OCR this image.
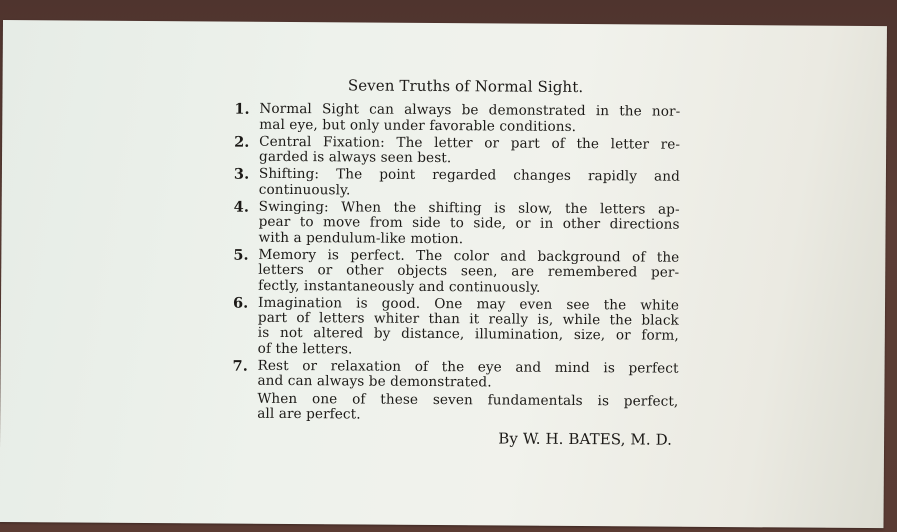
Seven Truths of Normal Sight.
1. Normal Sight can always be demonstrated in the nor-
mal eye, but only under favorable conditions.
2. Central Fixation: The letter or part of the letter re-
garded is always seen best.
3. Shifting: The point regarded changes rapidly and
continuously.
4. Swinging: When the shifting is slow, the letters ap-
pear to move from side to side, or in other directions
with a pendulum-like motion.
5. Memory is perfect. The color and background of the
letters or other objects seen, are remembered per-
fectly, instantaneously and continuously.
6. Imagination is good. One may even see the white
part of letters whiter than it really is, while the black
is not altered by distance, illumination, size, or form,
of the letters.
7. Rest or relaxation of the eye and mind is perfect
and can always be demonstrated.
When one of these seven fundamentals is perfect,
all are perfect.
By W. H. BATES, M. D.
